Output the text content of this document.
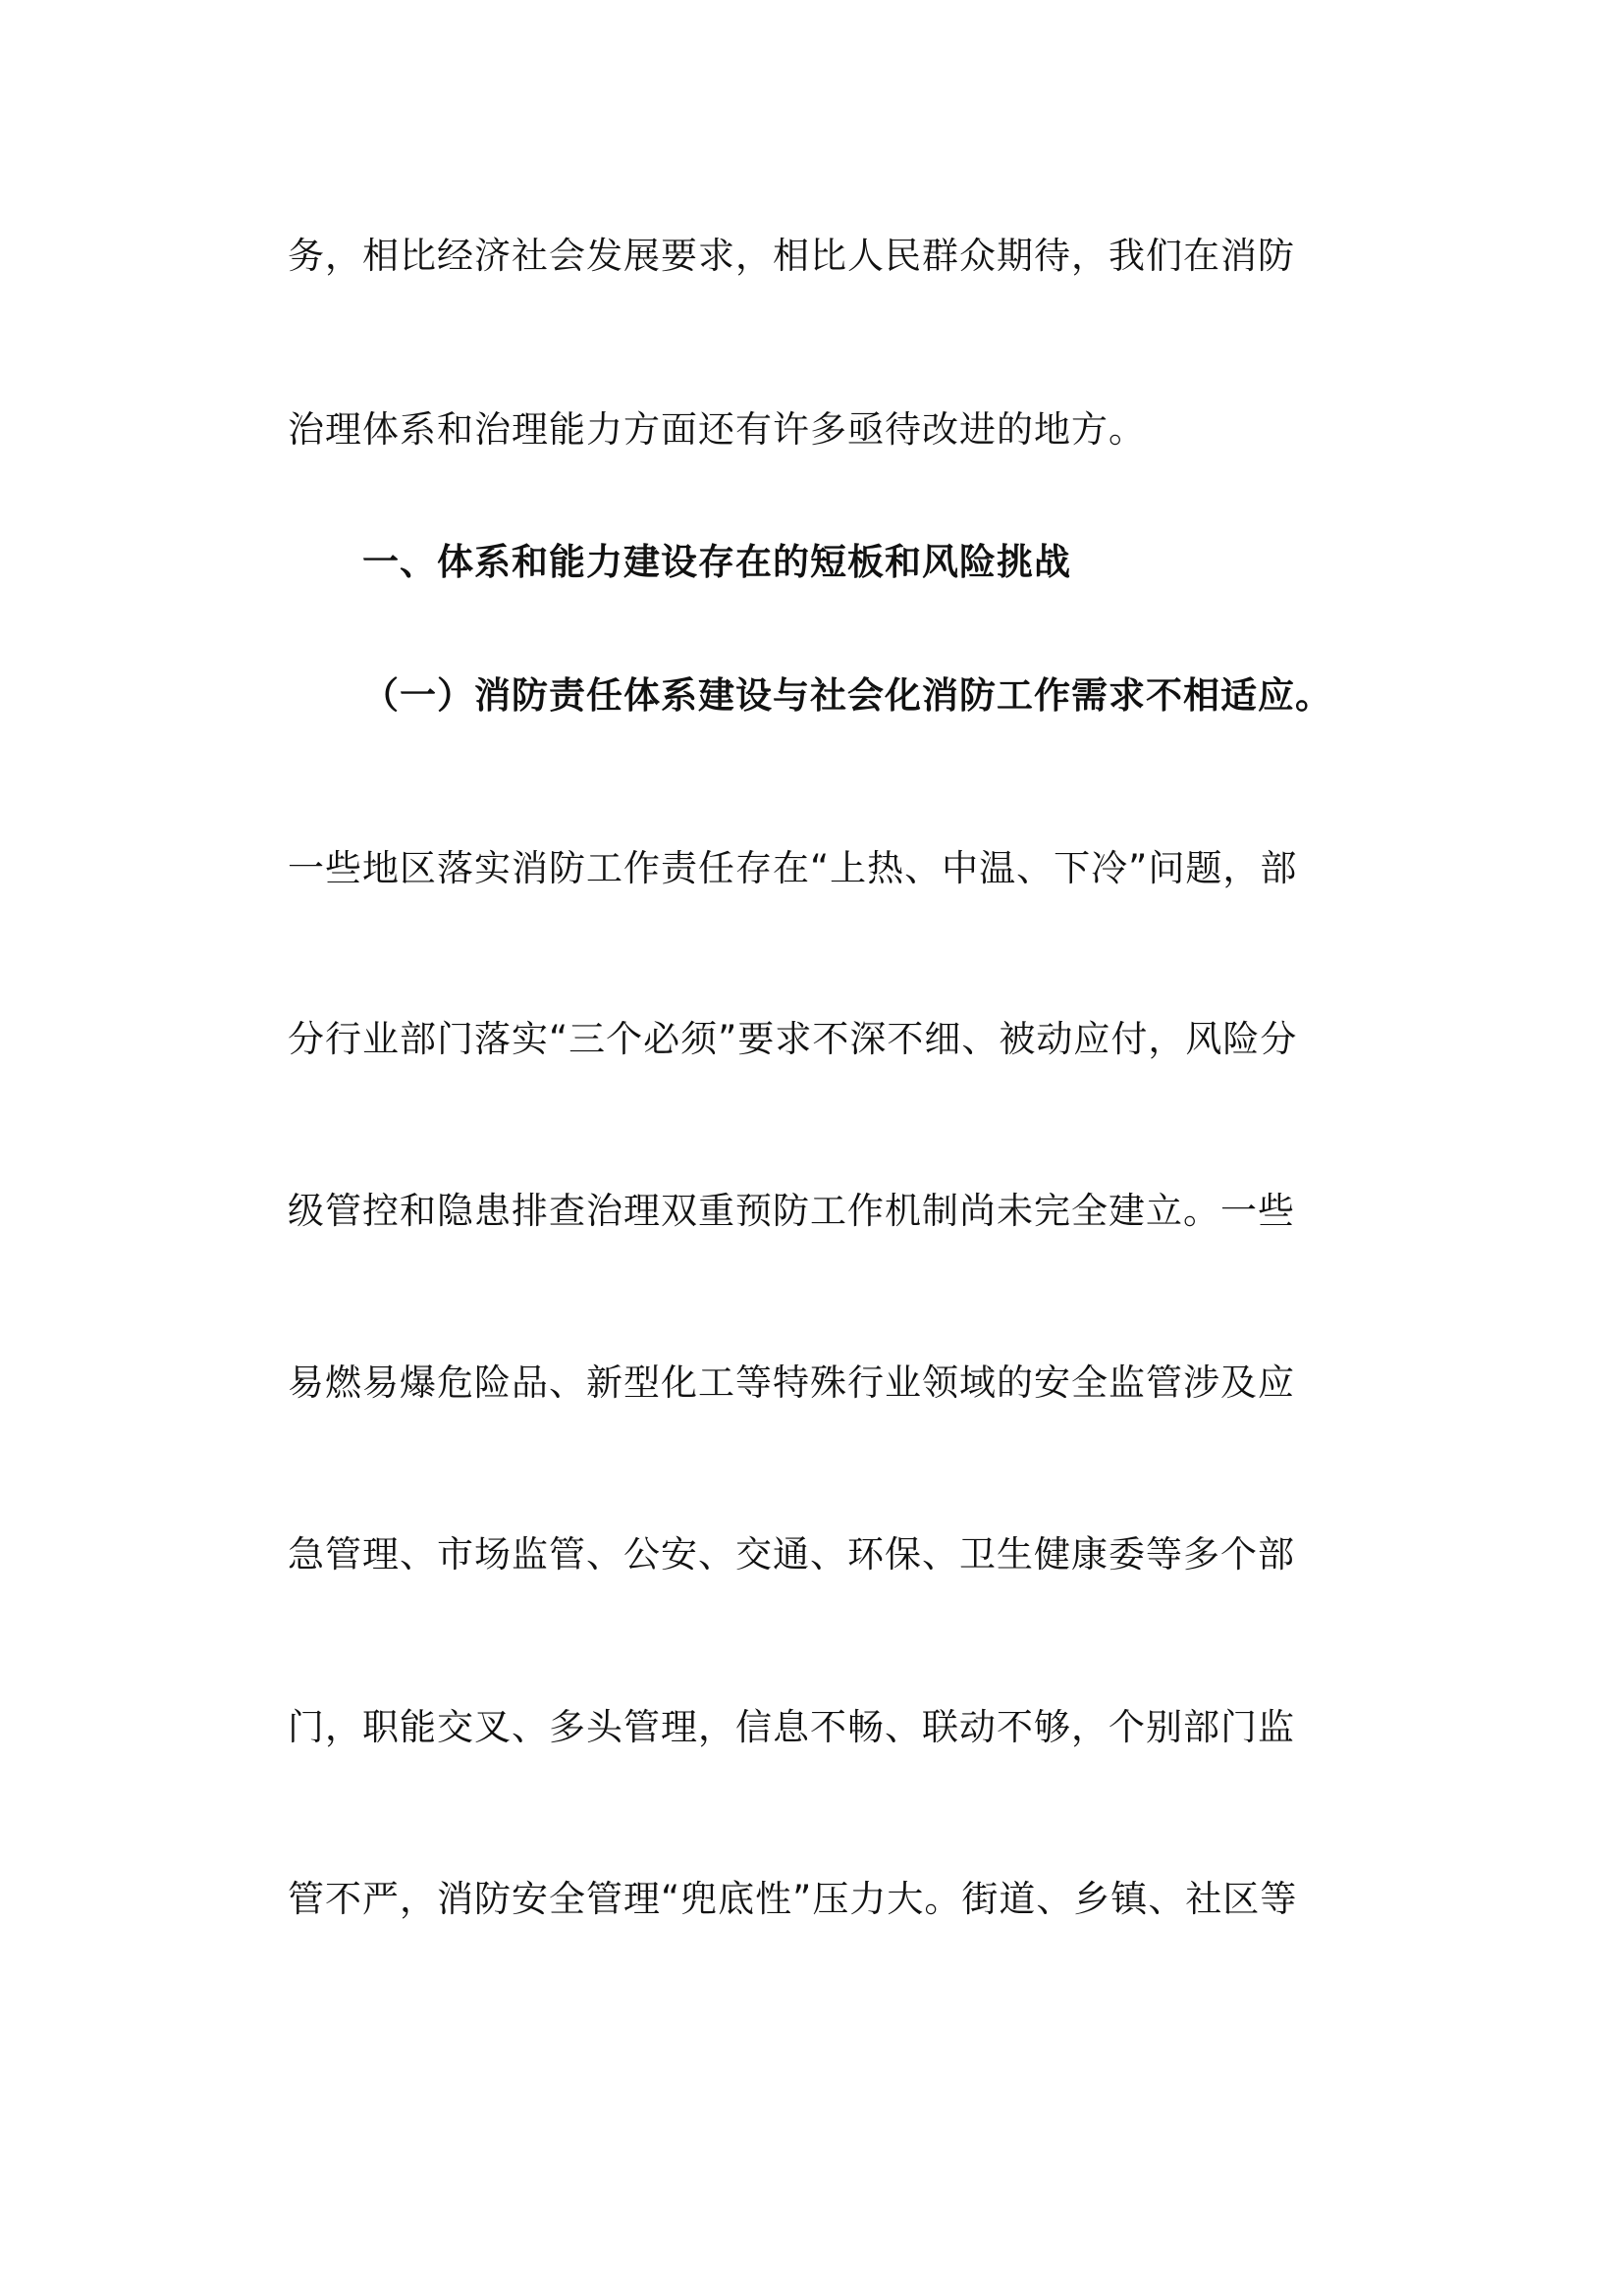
务，相比经济社会发展要求，相比人民群众期待，我们在消防

治理体系和治理能力方面还有许多亟待改进的地方。

一、体系和能力建设存在的短板和风险挑战

（一）消防责任体系建设与社会化消防工作需求不相适应。

一些地区落实消防工作责任存在“上热、中温、下冷”问题，部

分行业部门落实“三个必须”要求不深不细、被动应付，风险分

级管控和隐患排查治理双重预防工作机制尚未完全建立。一些

易燃易爆危险品、新型化工等特殊行业领域的安全监管涉及应

急管理、市场监管、公安、交通、环保、卫生健康委等多个部

门，职能交叉、多头管理，信息不畅、联动不够，个别部门监

管不严，消防安全管理“兜底性”压力大。街道、乡镇、社区等
